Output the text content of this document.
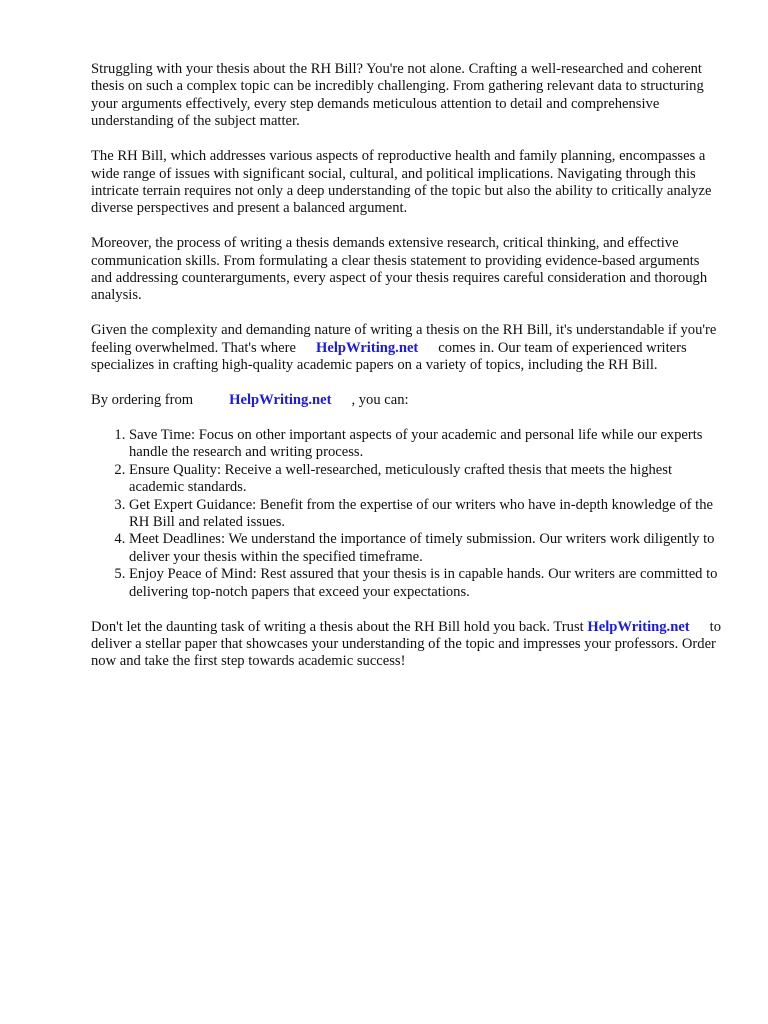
Struggling with your thesis about the RH Bill? You're not alone. Crafting a well-researched and coherent thesis on such a complex topic can be incredibly challenging. From gathering relevant data to structuring your arguments effectively, every step demands meticulous attention to detail and comprehensive understanding of the subject matter.

The RH Bill, which addresses various aspects of reproductive health and family planning, encompasses a wide range of issues with significant social, cultural, and political implications. Navigating through this intricate terrain requires not only a deep understanding of the topic but also the ability to critically analyze diverse perspectives and present a balanced argument.

Moreover, the process of writing a thesis demands extensive research, critical thinking, and effective communication skills. From formulating a clear thesis statement to providing evidence-based arguments and addressing counterarguments, every aspect of your thesis requires careful consideration and thorough analysis.

Given the complexity and demanding nature of writing a thesis on the RH Bill, it's understandable if you're feeling overwhelmed. That's where HelpWriting.net comes in. Our team of experienced writers specializes in crafting high-quality academic papers on a variety of topics, including the RH Bill.

By ordering from HelpWriting.net , you can:

1. Save Time: Focus on other important aspects of your academic and personal life while our experts handle the research and writing process.
2. Ensure Quality: Receive a well-researched, meticulously crafted thesis that meets the highest academic standards.
3. Get Expert Guidance: Benefit from the expertise of our writers who have in-depth knowledge of the RH Bill and related issues.
4. Meet Deadlines: We understand the importance of timely submission. Our writers work diligently to deliver your thesis within the specified timeframe.
5. Enjoy Peace of Mind: Rest assured that your thesis is in capable hands. Our writers are committed to delivering top-notch papers that exceed your expectations.

Don't let the daunting task of writing a thesis about the RH Bill hold you back. Trust HelpWriting.net to deliver a stellar paper that showcases your understanding of the topic and impresses your professors. Order now and take the first step towards academic success!
